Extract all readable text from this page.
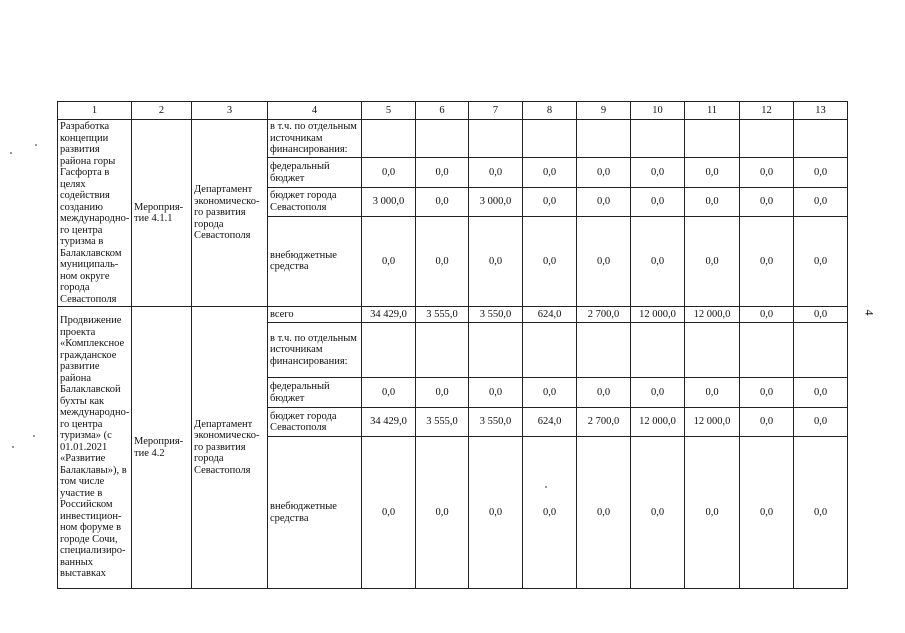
1	2	3	4	5	6	7	8	9	10	11	12	13
Разработка концепции развития района горы Гасфорта в целях содействия созданию международно-го центра туризма в Балаклавском муниципаль-ном округе города Севастополя	Мероприя-тие 4.1.1	Департамент экономическо-го развития города Севастополя	в т.ч. по отдельным источникам финансирования:									
			федеральный бюджет	0,0	0,0	0,0	0,0	0,0	0,0	0,0	0,0	0,0
			бюджет города Севастополя	3 000,0	0,0	3 000,0	0,0	0,0	0,0	0,0	0,0	0,0
			внебюджетные средства	0,0	0,0	0,0	0,0	0,0	0,0	0,0	0,0	0,0
Продвижение проекта «Комплексное гражданское развитие района Балаклавской бухты как международно-го центра туризма» (с 01.01.2021 «Развитие Балаклавы»), в том числе участие в Российском инвестицион-ном форуме в городе Сочи, специализиро-ванных выставках	Мероприя-тие 4.2	Департамент экономическо-го развития города Севастополя	всего	34 429,0	3 555,0	3 550,0	624,0	2 700,0	12 000,0	12 000,0	0,0	0,0
			в т.ч. по отдельным источникам финансирования:									
			федеральный бюджет	0,0	0,0	0,0	0,0	0,0	0,0	0,0	0,0	0,0
			бюджет города Севастополя	34 429,0	3 555,0	3 550,0	624,0	2 700,0	12 000,0	12 000,0	0,0	0,0
			внебюджетные средства	0,0	0,0	0,0	0,0	0,0	0,0	0,0	0,0	0,0
4
